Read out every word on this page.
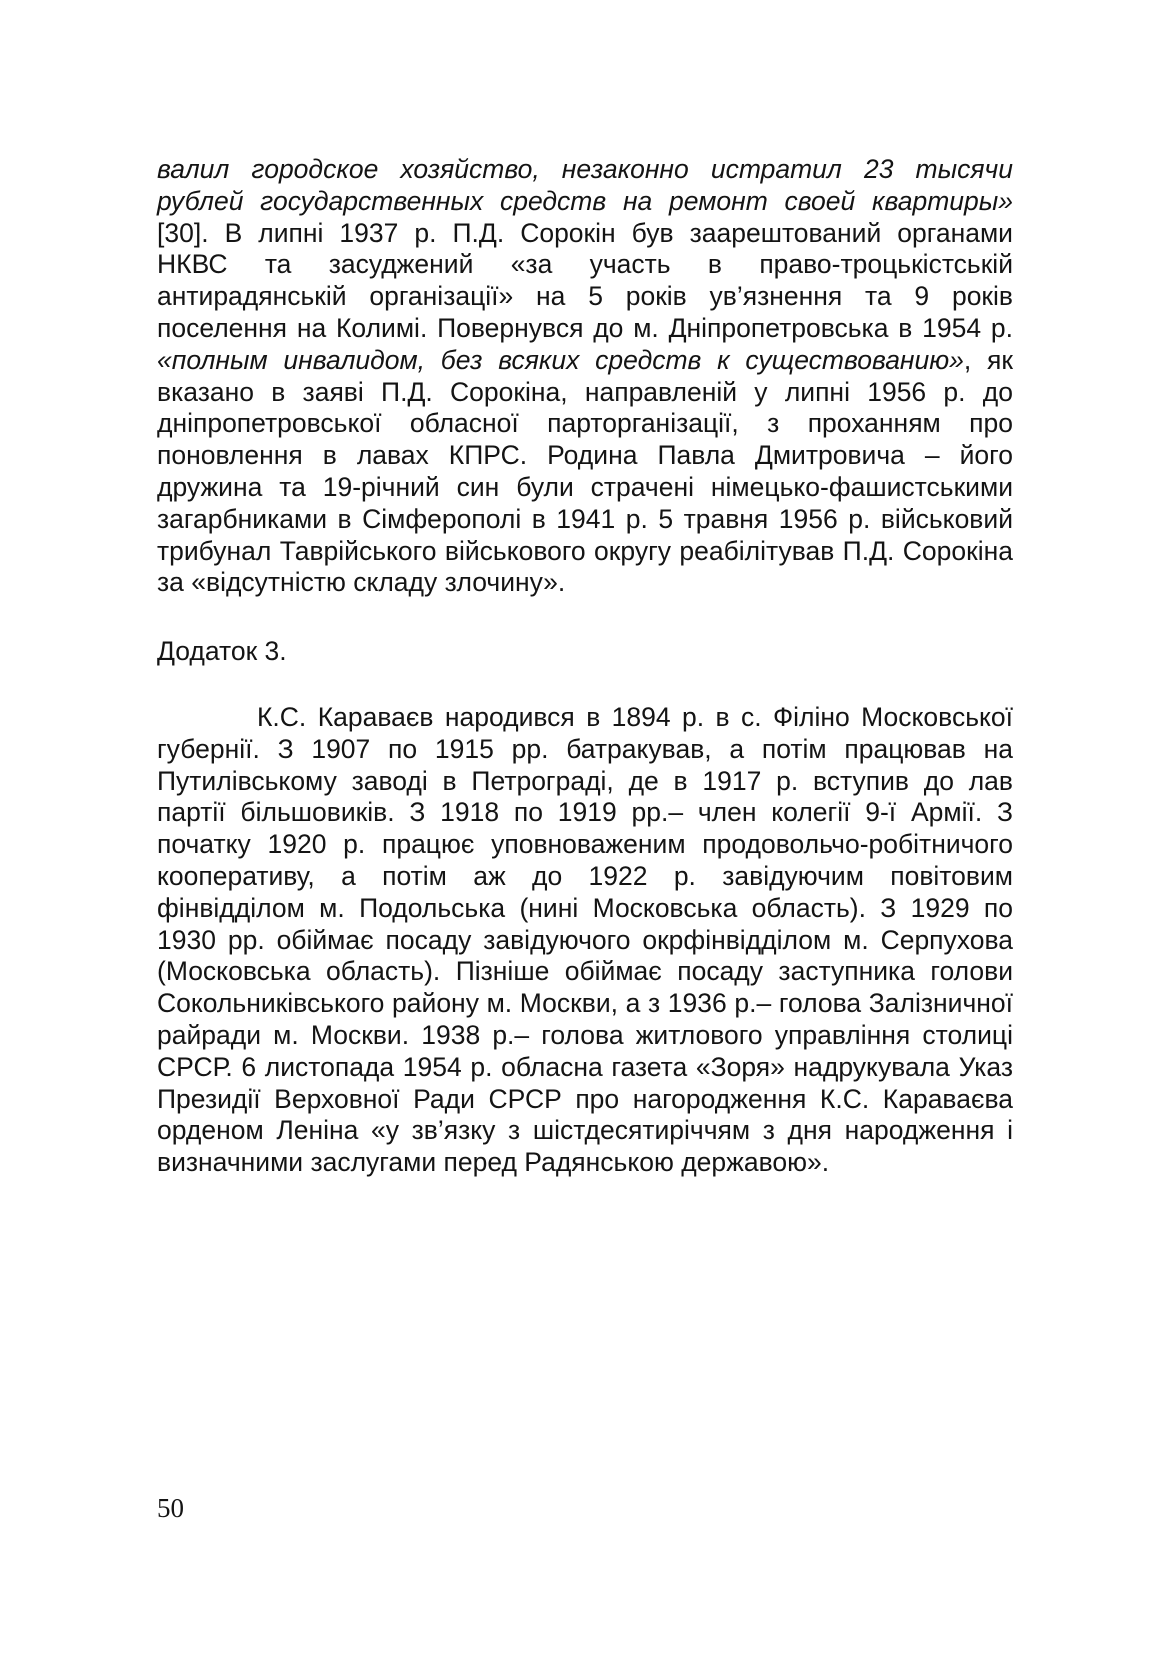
валил городское хозяйство, незаконно истратил 23 тысячи рублей государственных средств на ремонт своей квартиры» [30]. В липні 1937 р. П.Д. Сорокін був заарештований органами НКВС та засуджений «за участь в право-троцькістській антирадянській організації» на 5 років ув’язнення та 9 років поселення на Колимі. Повернувся до м. Дніпропетровська в 1954 р. «полным инвалидом, без всяких средств к существованию», як вказано в заяві П.Д. Сорокіна, направленій у липні 1956 р. до дніпропетровської обласної парторганізації, з проханням про поновлення в лавах КПРС. Родина Павла Дмитровича – його дружина та 19-річний син були страчені німецько-фашистськими загарбниками в Сімферополі в 1941 р. 5 травня 1956 р. військовий трибунал Таврійського військового округу реабілітував П.Д. Сорокіна за «відсутністю складу злочину».

Додаток 3.

К.С. Караваєв народився в 1894 р. в с. Філіно Московської губернії. З 1907 по 1915 рр. батракував, а потім працював на Путилівському заводі в Петрограді, де в 1917 р. вступив до лав партії більшовиків. З 1918 по 1919 рр.– член колегії 9-ї Армії. З початку 1920 р. працює уповноваженим продовольчо-робітничого кооперативу, а потім аж до 1922 р. завідуючим повітовим фінвідділом м. Подольська (нині Московська область). З 1929 по 1930 рр. обіймає посаду завідуючого окрфінвідділом м. Серпухова (Московська область). Пізніше обіймає посаду заступника голови Сокольниківського району м. Москви, а з 1936 р.– голова Залізничної райради м. Москви. 1938 р.– голова житлового управління столиці СРСР. 6 листопада 1954 р. обласна газета «Зоря» надрукувала Указ Президії Верховної Ради СРСР про нагородження К.С. Караваєва орденом Леніна «у зв’язку з шістдесятиріччям з дня народження і визначними заслугами перед Радянською державою».

50
